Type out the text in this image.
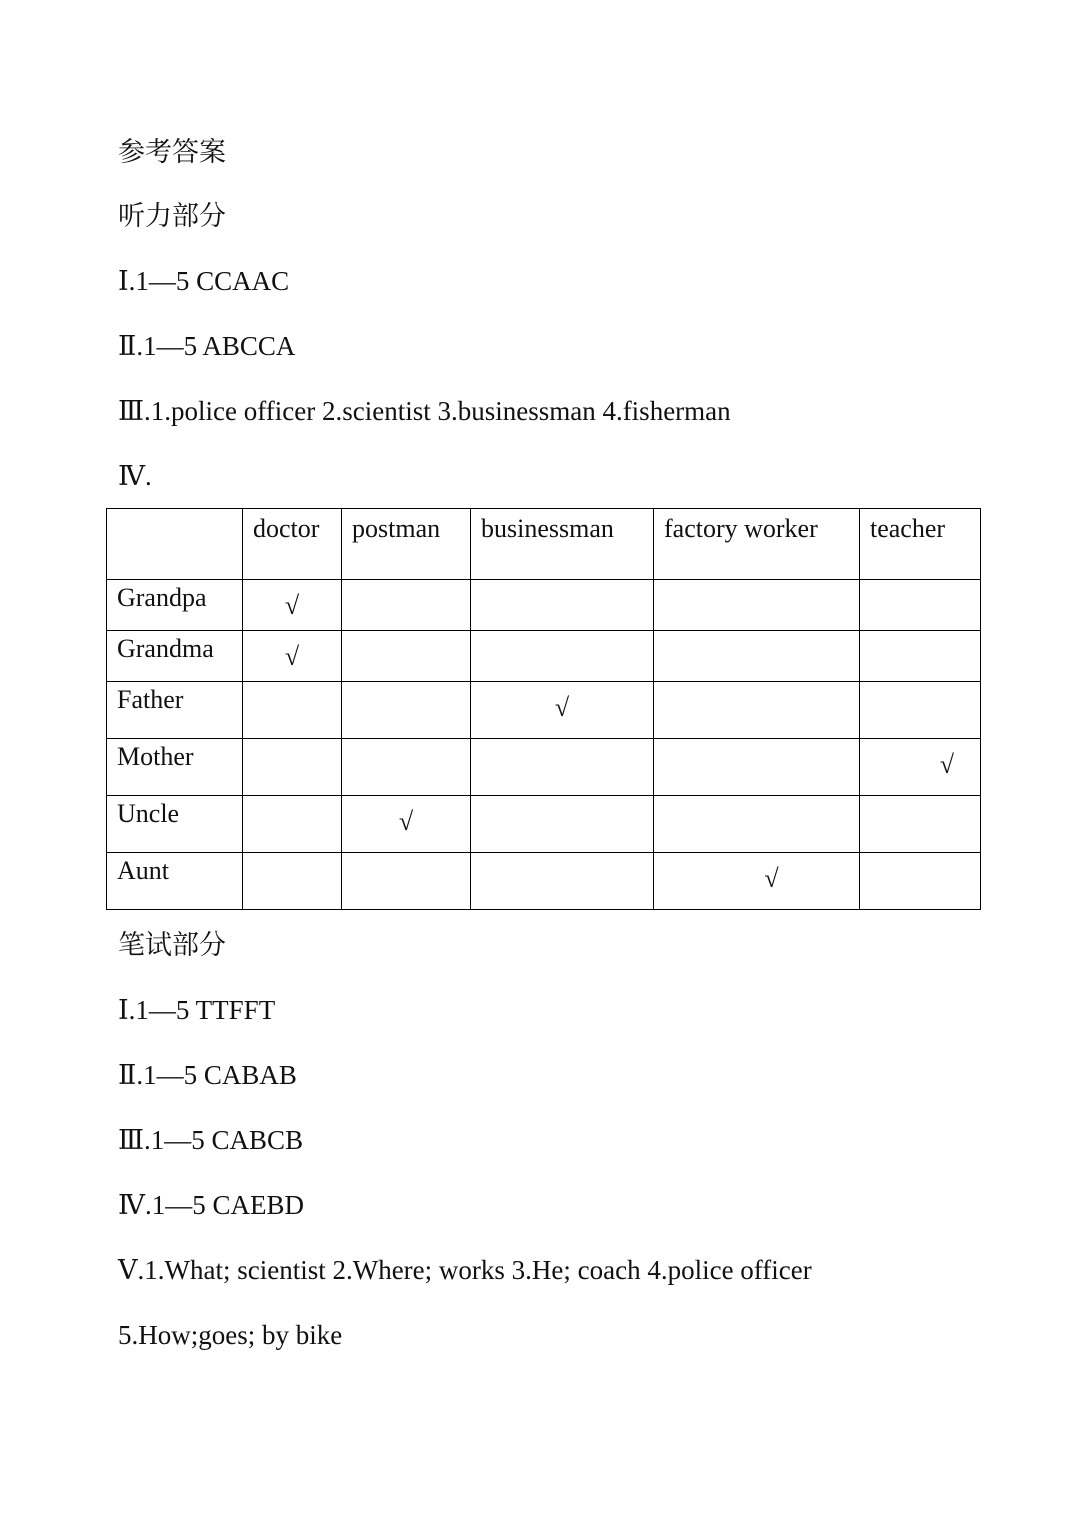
参考答案
听力部分
Ⅰ.1—5 CCAAC
Ⅱ.1—5 ABCCA
Ⅲ.1.police officer 2.scientist 3.businessman 4.fisherman
Ⅳ.
	doctor	postman	businessman	factory worker	teacher
Grandpa	√				
Grandma	√				
Father			√		
Mother					√
Uncle		√			
Aunt				√	
笔试部分
Ⅰ.1—5 TTFFT
Ⅱ.1—5 CABAB
Ⅲ.1—5 CABCB
Ⅳ.1—5 CAEBD
Ⅴ.1.What; scientist 2.Where; works 3.He; coach 4.police officer
5.How;goes; by bike
